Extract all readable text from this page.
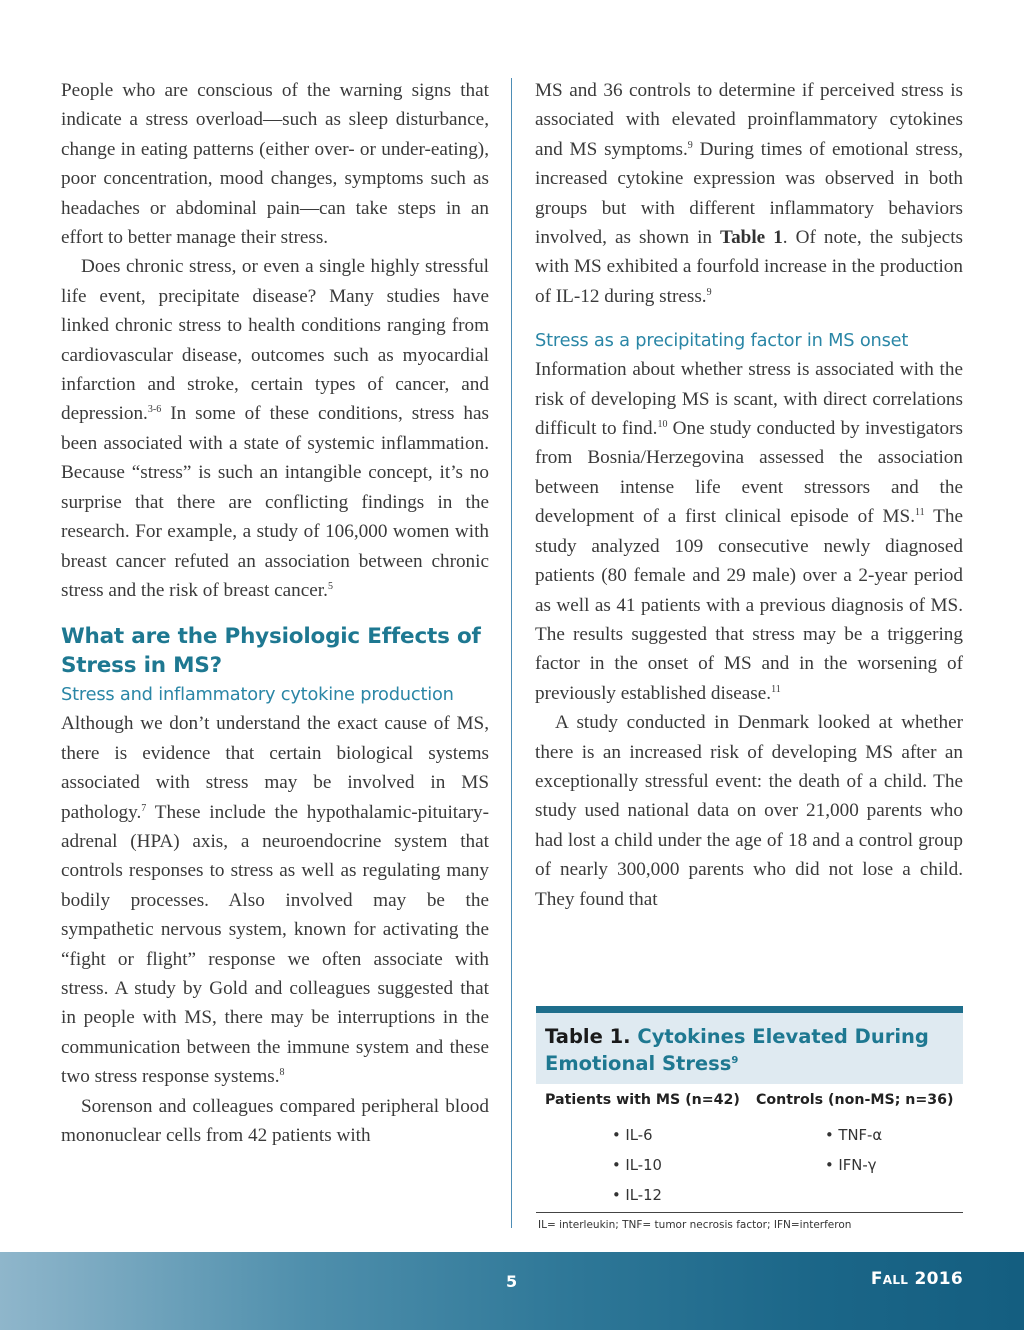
People who are conscious of the warning signs that indicate a stress overload—such as sleep disturbance, change in eating patterns (either over- or under-eating), poor concentration, mood changes, symptoms such as headaches or abdominal pain—can take steps in an effort to better manage their stress.

Does chronic stress, or even a single highly stressful life event, precipitate disease? Many studies have linked chronic stress to health conditions ranging from cardiovascular disease, outcomes such as myocardial infarction and stroke, certain types of cancer, and depression.$^{3-6}$ In some of these conditions, stress has been associated with a state of systemic inflammation. Because “stress” is such an intangible concept, it’s no surprise that there are conflicting findings in the research. For example, a study of 106,000 women with breast cancer refuted an association between chronic stress and the risk of breast cancer.$^5$

What are the Physiologic Effects of Stress in MS?
Stress and inflammatory cytokine production

Although we don’t understand the exact cause of MS, there is evidence that certain biological systems associated with stress may be involved in MS pathology.$^7$ These include the hypothalamic-pituitary-adrenal (HPA) axis, a neuroendocrine system that controls responses to stress as well as regulating many bodily processes. Also involved may be the sympathetic nervous system, known for activating the “fight or flight” response we often associate with stress. A study by Gold and colleagues suggested that in people with MS, there may be interruptions in the communication between the immune system and these two stress response systems.$^8$

Sorenson and colleagues compared peripheral blood mononuclear cells from 42 patients with

MS and 36 controls to determine if perceived stress is associated with elevated proinflammatory cytokines and MS symptoms.$^9$ During times of emotional stress, increased cytokine expression was observed in both groups but with different inflammatory behaviors involved, as shown in Table 1. Of note, the subjects with MS exhibited a fourfold increase in the production of IL-12 during stress.$^9$

Stress as a precipitating factor in MS onset

Information about whether stress is associated with the risk of developing MS is scant, with direct correlations difficult to find.$^{10}$ One study conducted by investigators from Bosnia/Herzegovina assessed the association between intense life event stressors and the development of a first clinical episode of MS.$^{11}$ The study analyzed 109 consecutive newly diagnosed patients (80 female and 29 male) over a 2-year period as well as 41 patients with a previous diagnosis of MS. The results suggested that stress may be a triggering factor in the onset of MS and in the worsening of previously established disease.$^{11}$

A study conducted in Denmark looked at whether there is an increased risk of developing MS after an exceptionally stressful event: the death of a child. The study used national data on over 21,000 parents who had lost a child under the age of 18 and a control group of nearly 300,000 parents who did not lose a child. They found that

Table 1. Cytokines Elevated During Emotional Stress$^9$
Patients with MS (n=42)	Controls (non-MS; n=36)
• IL-6
• IL-10
• IL-12
• TNF-α
• IFN-γ
IL= interleukin; TNF= tumor necrosis factor; IFN=interferon
5	Fall 2016
